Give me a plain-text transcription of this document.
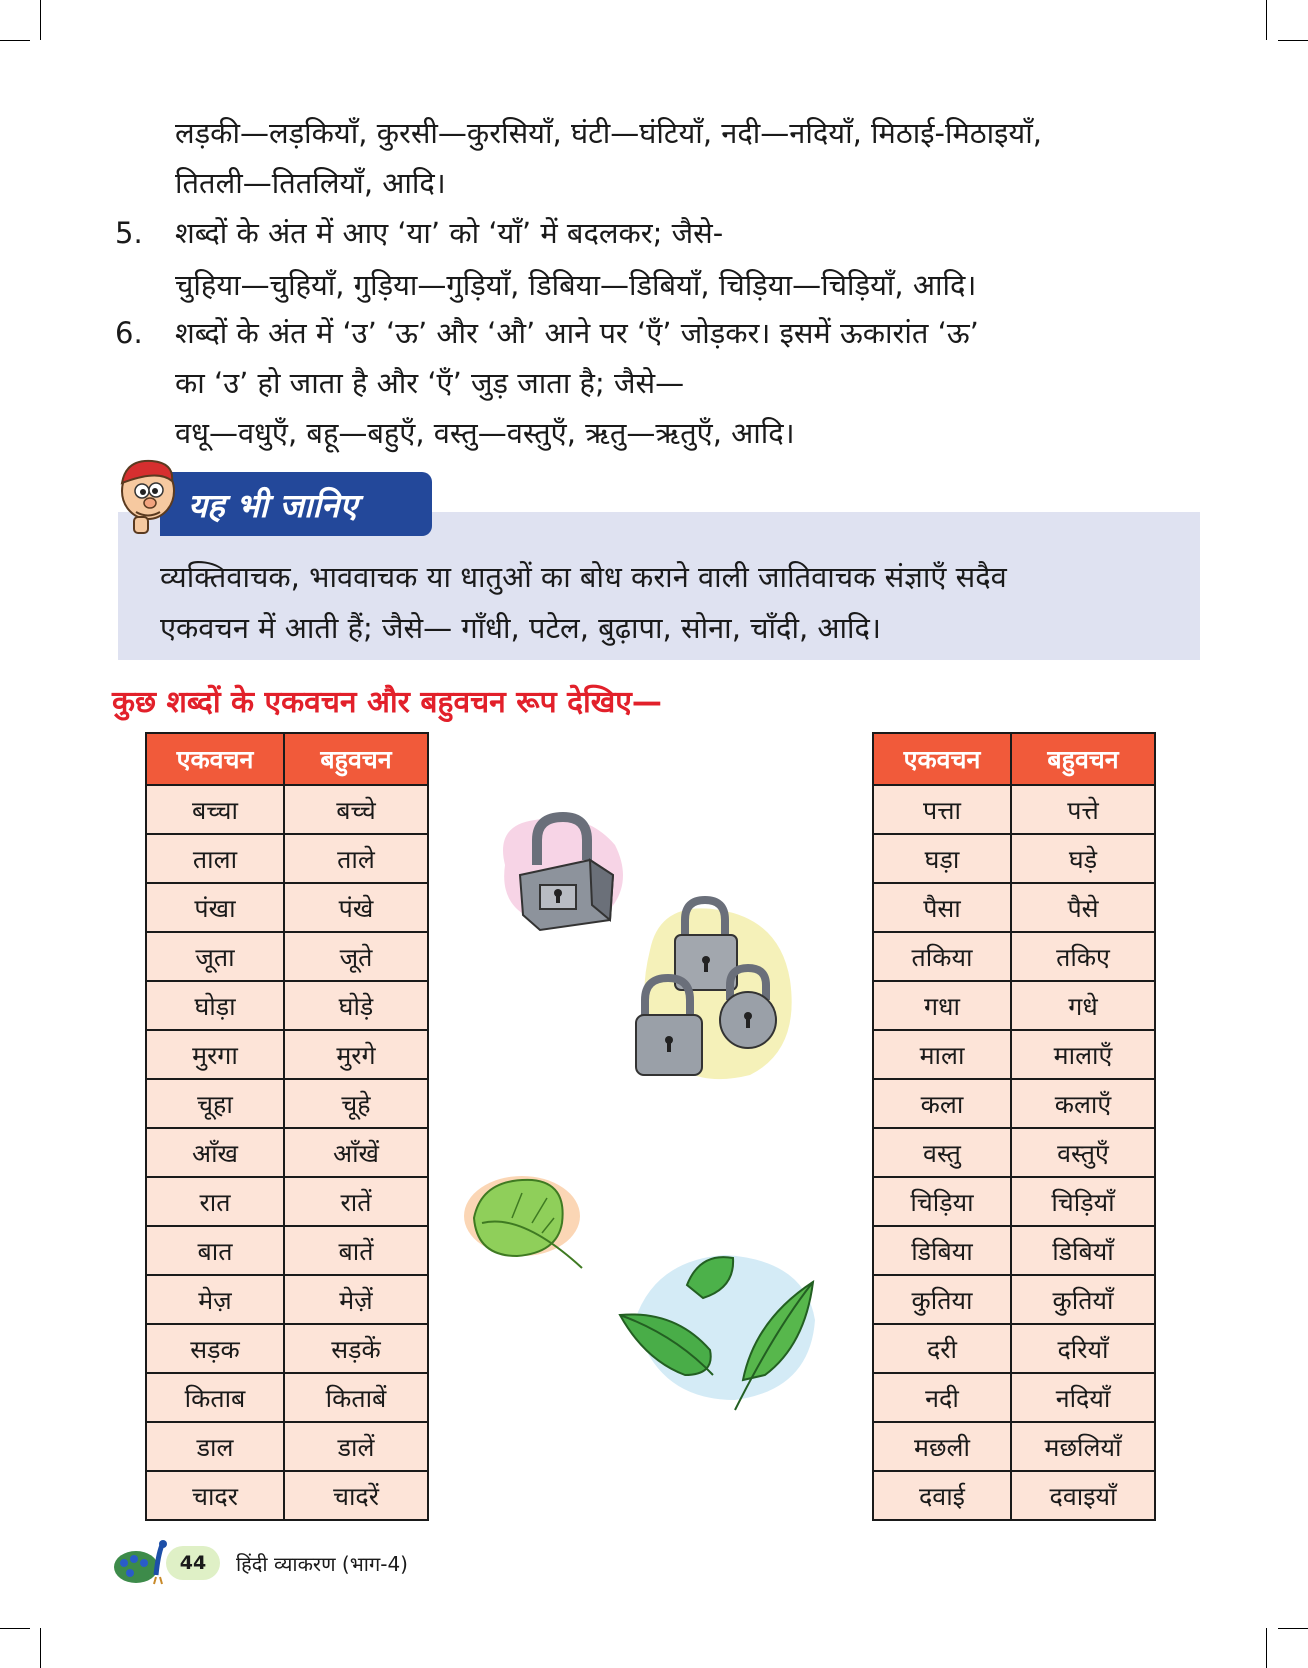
लड़की—लड़कियाँ, कुरसी—कुरसियाँ, घंटी—घंटियाँ, नदी—नदियाँ, मिठाई-मिठाइयाँ,
तितली—तितलियाँ, आदि।
5. शब्दों के अंत में आए ‘या’ को ‘याँ’ में बदलकर; जैसे-
चुहिया—चुहियाँ, गुड़िया—गुड़ियाँ, डिबिया—डिबियाँ, चिड़िया—चिड़ियाँ, आदि।
6. शब्दों के अंत में ‘उ’ ‘ऊ’ और ‘औ’ आने पर ‘एँ’ जोड़कर। इसमें ऊकारांत ‘ऊ’
का ‘उ’ हो जाता है और ‘एँ’ जुड़ जाता है; जैसे—
वधू—वधुएँ, बहू—बहुएँ, वस्तु—वस्तुएँ, ऋतु—ऋतुएँ, आदि।
व्यक्तिवाचक, भाववाचक या धातुओं का बोध कराने वाली जातिवाचक संज्ञाएँ सदैव
एकवचन में आती हैं; जैसे— गाँधी, पटेल, बुढ़ापा, सोना, चाँदी, आदि।
यह भी जानिए
कुछ शब्दों के एकवचन और बहुवचन रूप देखिए—
एकवचन	बहुवचन
बच्चा	बच्चे
ताला	ताले
पंखा	पंखे
जूता	जूते
घोड़ा	घोड़े
मुरगा	मुरगे
चूहा	चूहे
आँख	आँखें
रात	रातें
बात	बातें
मेज़	मेज़ें
सड़क	सड़कें
किताब	किताबें
डाल	डालें
चादर	चादरें
एकवचन	बहुवचन
पत्ता	पत्ते
घड़ा	घड़े
पैसा	पैसे
तकिया	तकिए
गधा	गधे
माला	मालाएँ
कला	कलाएँ
वस्तु	वस्तुएँ
चिड़िया	चिड़ियाँ
डिबिया	डिबियाँ
कुतिया	कुतियाँ
दरी	दरियाँ
नदी	नदियाँ
मछली	मछलियाँ
दवाई	दवाइयाँ
44	हिंदी व्याकरण (भाग-4)
